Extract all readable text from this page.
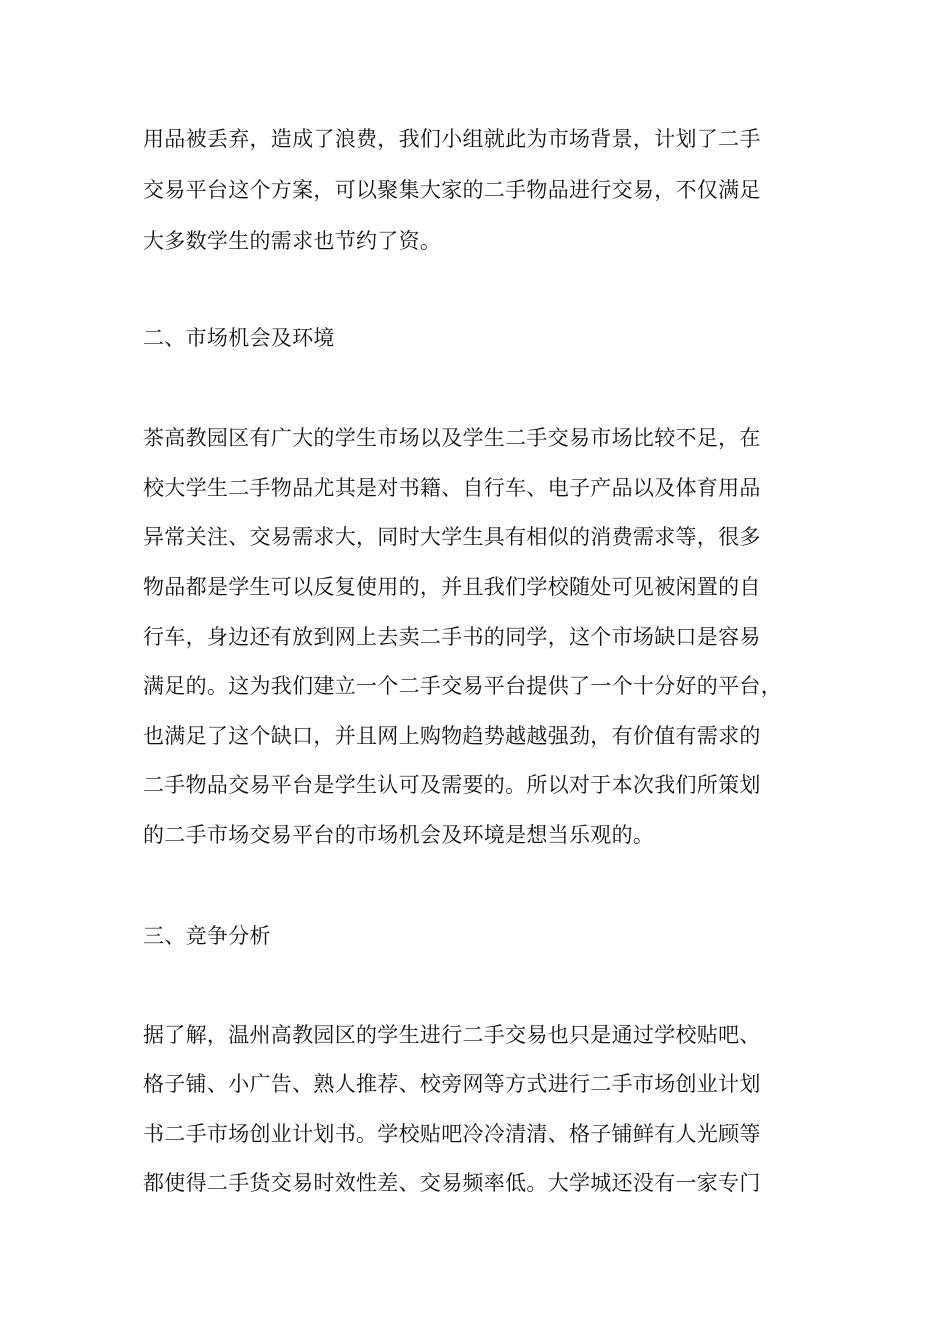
用品被丢弃，造成了浪费，我们小组就此为市场背景，计划了二手
交易平台这个方案，可以聚集大家的二手物品进行交易，不仅满足
大多数学生的需求也节约了资。
二、市场机会及环境
茶高教园区有广大的学生市场以及学生二手交易市场比较不足，在
校大学生二手物品尤其是对书籍、自行车、电子产品以及体育用品
异常关注、交易需求大，同时大学生具有相似的消费需求等，很多
物品都是学生可以反复使用的，并且我们学校随处可见被闲置的自
行车，身边还有放到网上去卖二手书的同学，这个市场缺口是容易
满足的。这为我们建立一个二手交易平台提供了一个十分好的平台，
也满足了这个缺口，并且网上购物趋势越越强劲，有价值有需求的
二手物品交易平台是学生认可及需要的。所以对于本次我们所策划
的二手市场交易平台的市场机会及环境是想当乐观的。
三、竞争分析
据了解，温州高教园区的学生进行二手交易也只是通过学校贴吧、
格子铺、小广告、熟人推荐、校旁网等方式进行二手市场创业计划
书二手市场创业计划书。学校贴吧冷冷清清、格子铺鲜有人光顾等
都使得二手货交易时效性差、交易频率低。大学城还没有一家专门
